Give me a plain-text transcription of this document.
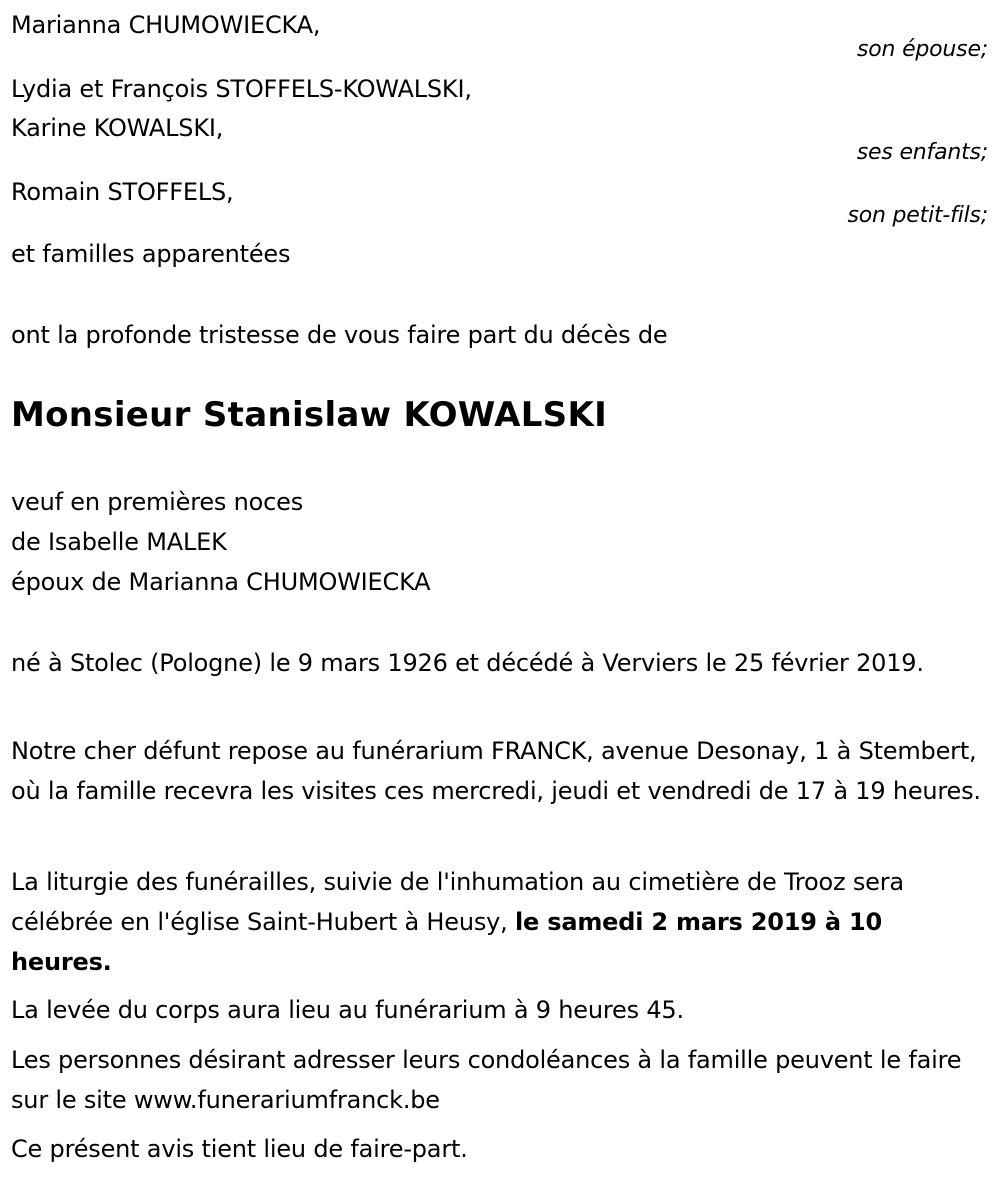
Marianna CHUMOWIECKA,
son épouse;
Lydia et François STOFFELS-KOWALSKI,
Karine KOWALSKI,
ses enfants;
Romain STOFFELS,
son petit-fils;
et familles apparentées
ont la profonde tristesse de vous faire part du décès de
Monsieur Stanislaw KOWALSKI
veuf en premières noces
de Isabelle MALEK
époux de Marianna CHUMOWIECKA
né à Stolec (Pologne) le 9 mars 1926 et décédé à Verviers le 25 février 2019.
Notre cher défunt repose au funérarium FRANCK, avenue Desonay, 1 à Stembert, où la famille recevra les visites ces mercredi, jeudi et vendredi de 17 à 19 heures.
La liturgie des funérailles, suivie de l'inhumation au cimetière de Trooz sera célébrée en l'église Saint-Hubert à Heusy, le samedi 2 mars 2019 à 10 heures.
La levée du corps aura lieu au funérarium à 9 heures 45.
Les personnes désirant adresser leurs condoléances à la famille peuvent le faire sur le site www.funerariumfranck.be
Ce présent avis tient lieu de faire-part.
